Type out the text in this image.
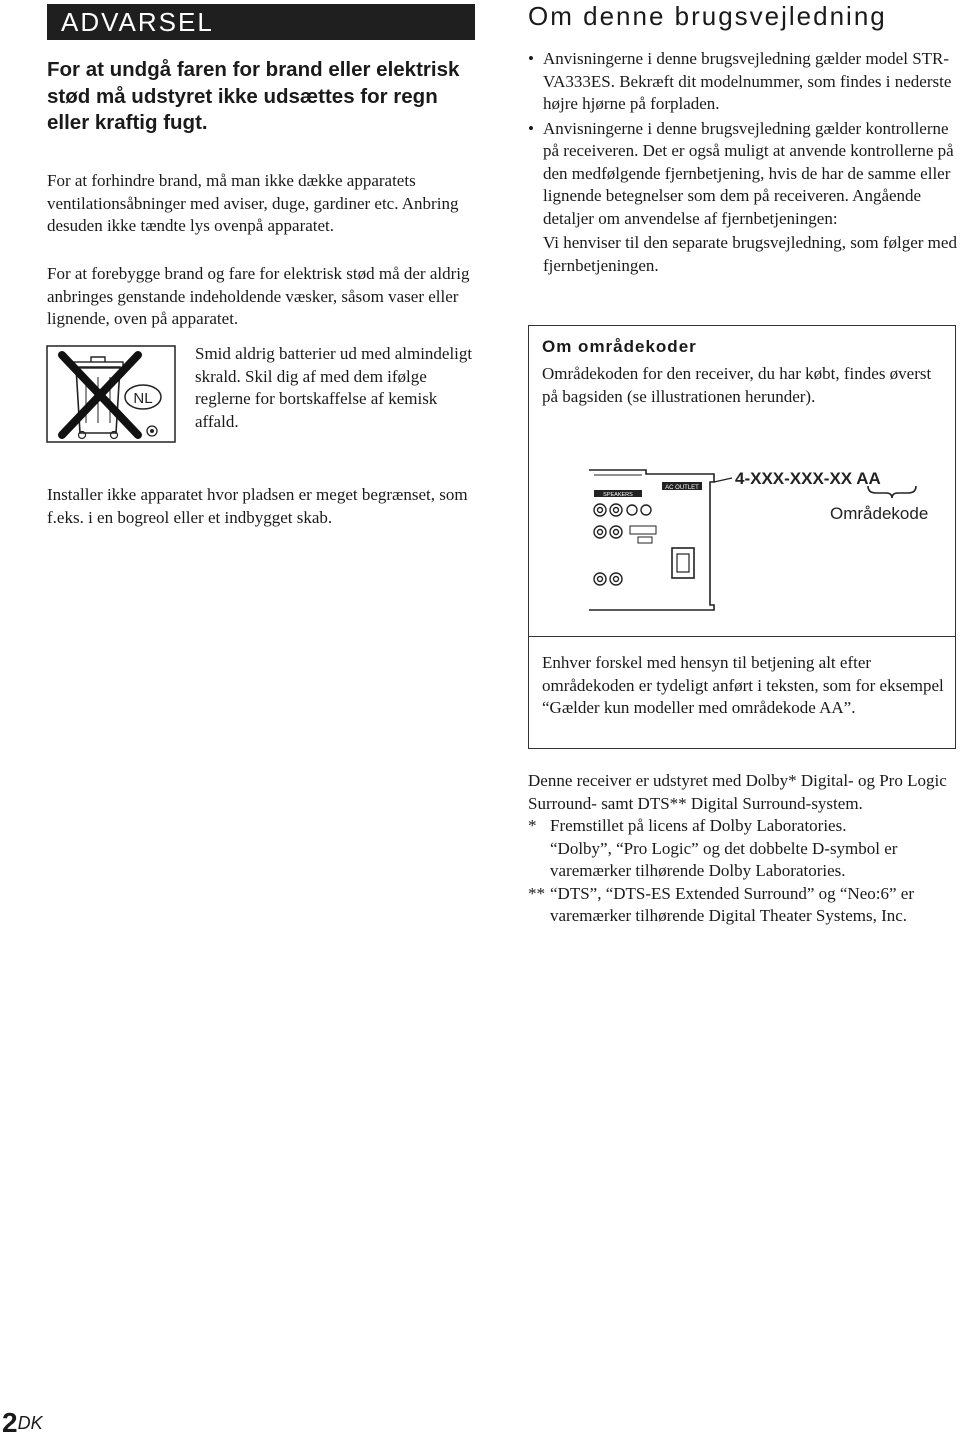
ADVARSEL

For at undgå faren for brand eller elektrisk stød må udstyret ikke udsættes for regn eller kraftig fugt.

For at forhindre brand, må man ikke dække apparatets ventilationsåbninger med aviser, duge, gardiner etc. Anbring desuden ikke tændte lys ovenpå apparatet.

For at forebygge brand og fare for elektrisk stød må der aldrig anbringes genstande indeholdende væsker, såsom vaser eller lignende, oven på apparatet.

NL

Smid aldrig batterier ud med almindeligt skrald. Skil dig af med dem ifølge reglerne for bortskaffelse af kemisk affald.

Installer ikke apparatet hvor pladsen er meget begrænset, som f.eks. i en bogreol eller et indbygget skab.

Om denne brugsvejledning

• Anvisningerne i denne brugsvejledning gælder model STR-VA333ES. Bekræft dit modelnummer, som findes i nederste højre hjørne på forpladen.

• Anvisningerne i denne brugsvejledning gælder kontrollerne på receiveren. Det er også muligt at anvende kontrollerne på den medfølgende fjernbetjening, hvis de har de samme eller lignende betegnelser som dem på receiveren. Angående detaljer om anvendelse af fjernbetjeningen:

Vi henviser til den separate brugsvejledning, som følger med fjernbetjeningen.

Om områdekoder

Områdekoden for den receiver, du har købt, findes øverst på bagsiden (se illustrationen herunder).

AC OUTLET
SPEAKERS
4-XXX-XXX-XX AA
Områdekode

Enhver forskel med hensyn til betjening alt efter områdekoden er tydeligt anført i teksten, som for eksempel “Gælder kun modeller med områdekode AA”.

Denne receiver er udstyret med Dolby* Digital- og Pro Logic Surround- samt DTS** Digital Surround-system.

* Fremstillet på licens af Dolby Laboratories.

“Dolby”, “Pro Logic” og det dobbelte D-symbol er varemærker tilhørende Dolby Laboratories.

** “DTS”, “DTS-ES Extended Surround” og “Neo:6” er varemærker tilhørende Digital Theater Systems, Inc.

$2^{DK}$
